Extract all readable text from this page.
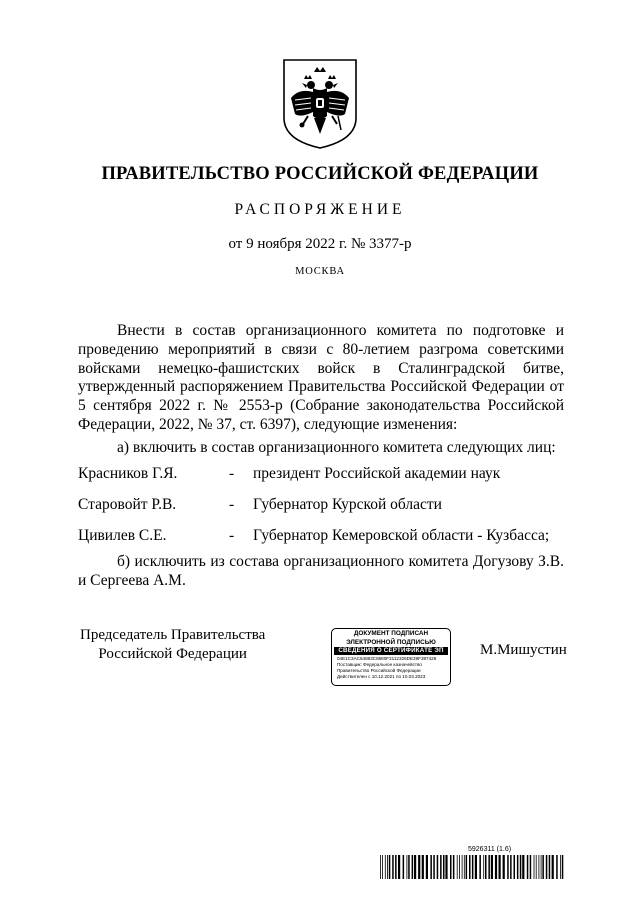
ПРАВИТЕЛЬСТВО РОССИЙСКОЙ ФЕДЕРАЦИИ
РАСПОРЯЖЕНИЕ
от 9 ноября 2022 г. № 3377-р
МОСКВА
Внести в состав организационного комитета по подготовке и проведению мероприятий в связи с 80-летием разгрома советскими войсками немецко-фашистских войск в Сталинградской битве, утвержденный распоряжением Правительства Российской Федерации от 5 сентября 2022 г. № 2553-р (Собрание законодательства Российской Федерации, 2022, № 37, ст. 6397), следующие изменения:
а) включить в состав организационного комитета следующих лиц:
Красников Г.Я.	- президент Российской академии наук
Старовойт Р.В.	- Губернатор Курской области
Цивилев С.Е.	- Губернатор Кемеровской области - Кузбасса;
б) исключить из состава организационного комитета Догузову З.В. и Сергеева А.М.
Председатель Правительства
Российской Федерации
ДОКУМЕНТ ПОДПИСАН
ЭЛЕКТРОННОЙ ПОДПИСЬЮ
СВЕДЕНИЯ О СЕРТИФИКАТЕ ЭП
04E1C3AC54883C8680F2112326DE39F397428
Поставщик: Федеральное казначейство
Правительство Российской Федерации
Действителен с 10.12.2021 по 10.03.2023
М.Мишустин
5926311 (1.6)
